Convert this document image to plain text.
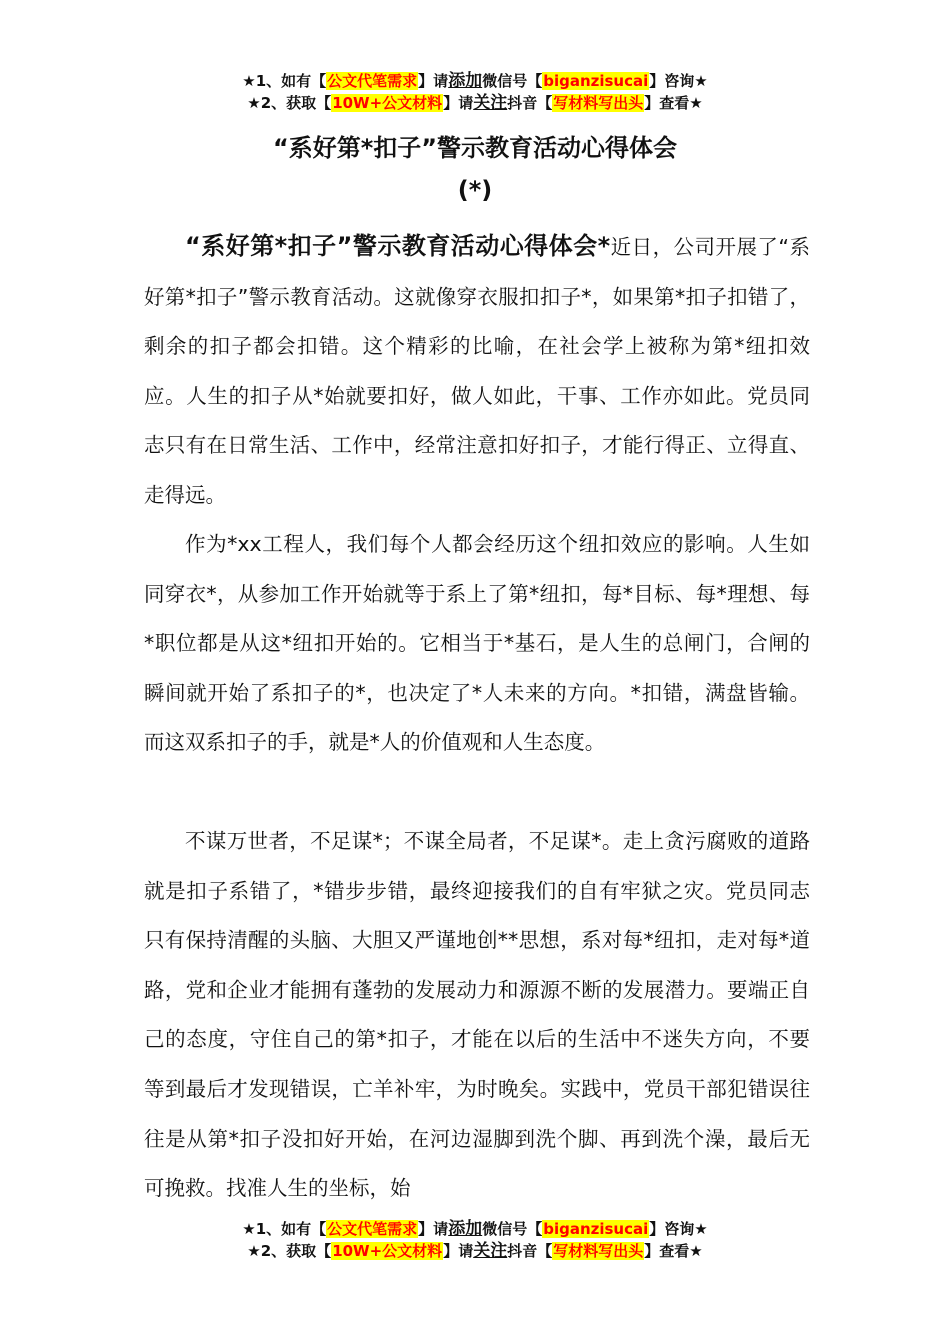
★1、如有【公文代笔需求】请添加微信号【biganzisucai】咨询★
★2、获取【10W+公文材料】请关注抖音【写材料写出头】查看★
“系好第*扣子”警示教育活动心得体会
(*)

“系好第*扣子”警示教育活动心得体会*近日，公司开展了“系好第*扣子”警示教育活动。这就像穿衣服扣扣子*，如果第*扣子扣错了，剩余的扣子都会扣错。这个精彩的比喻，在社会学上被称为第*纽扣效应。人生的扣子从*始就要扣好，做人如此，干事、工作亦如此。党员同志只有在日常生活、工作中，经常注意扣好扣子，才能行得正、立得直、走得远。

作为*xx工程人，我们每个人都会经历这个纽扣效应的影响。人生如同穿衣*，从参加工作开始就等于系上了第*纽扣，每*目标、每*理想、每*职位都是从这*纽扣开始的。它相当于*基石，是人生的总闸门，合闸的瞬间就开始了系扣子的*，也决定了*人未来的方向。*扣错，满盘皆输。而这双系扣子的手，就是*人的价值观和人生态度。

不谋万世者，不足谋*；不谋全局者，不足谋*。走上贪污腐败的道路就是扣子系错了，*错步步错，最终迎接我们的自有牢狱之灾。党员同志只有保持清醒的头脑、大胆又严谨地创**思想，系对每*纽扣，走对每*道路，党和企业才能拥有蓬勃的发展动力和源源不断的发展潜力。要端正自己的态度，守住自己的第*扣子，才能在以后的生活中不迷失方向，不要等到最后才发现错误，亡羊补牢，为时晚矣。实践中，党员干部犯错误往往是从第*扣子没扣好开始，在河边湿脚到洗个脚、再到洗个澡，最后无可挽救。找准人生的坐标，始

★1、如有【公文代笔需求】请添加微信号【biganzisucai】咨询★
★2、获取【10W+公文材料】请关注抖音【写材料写出头】查看★
